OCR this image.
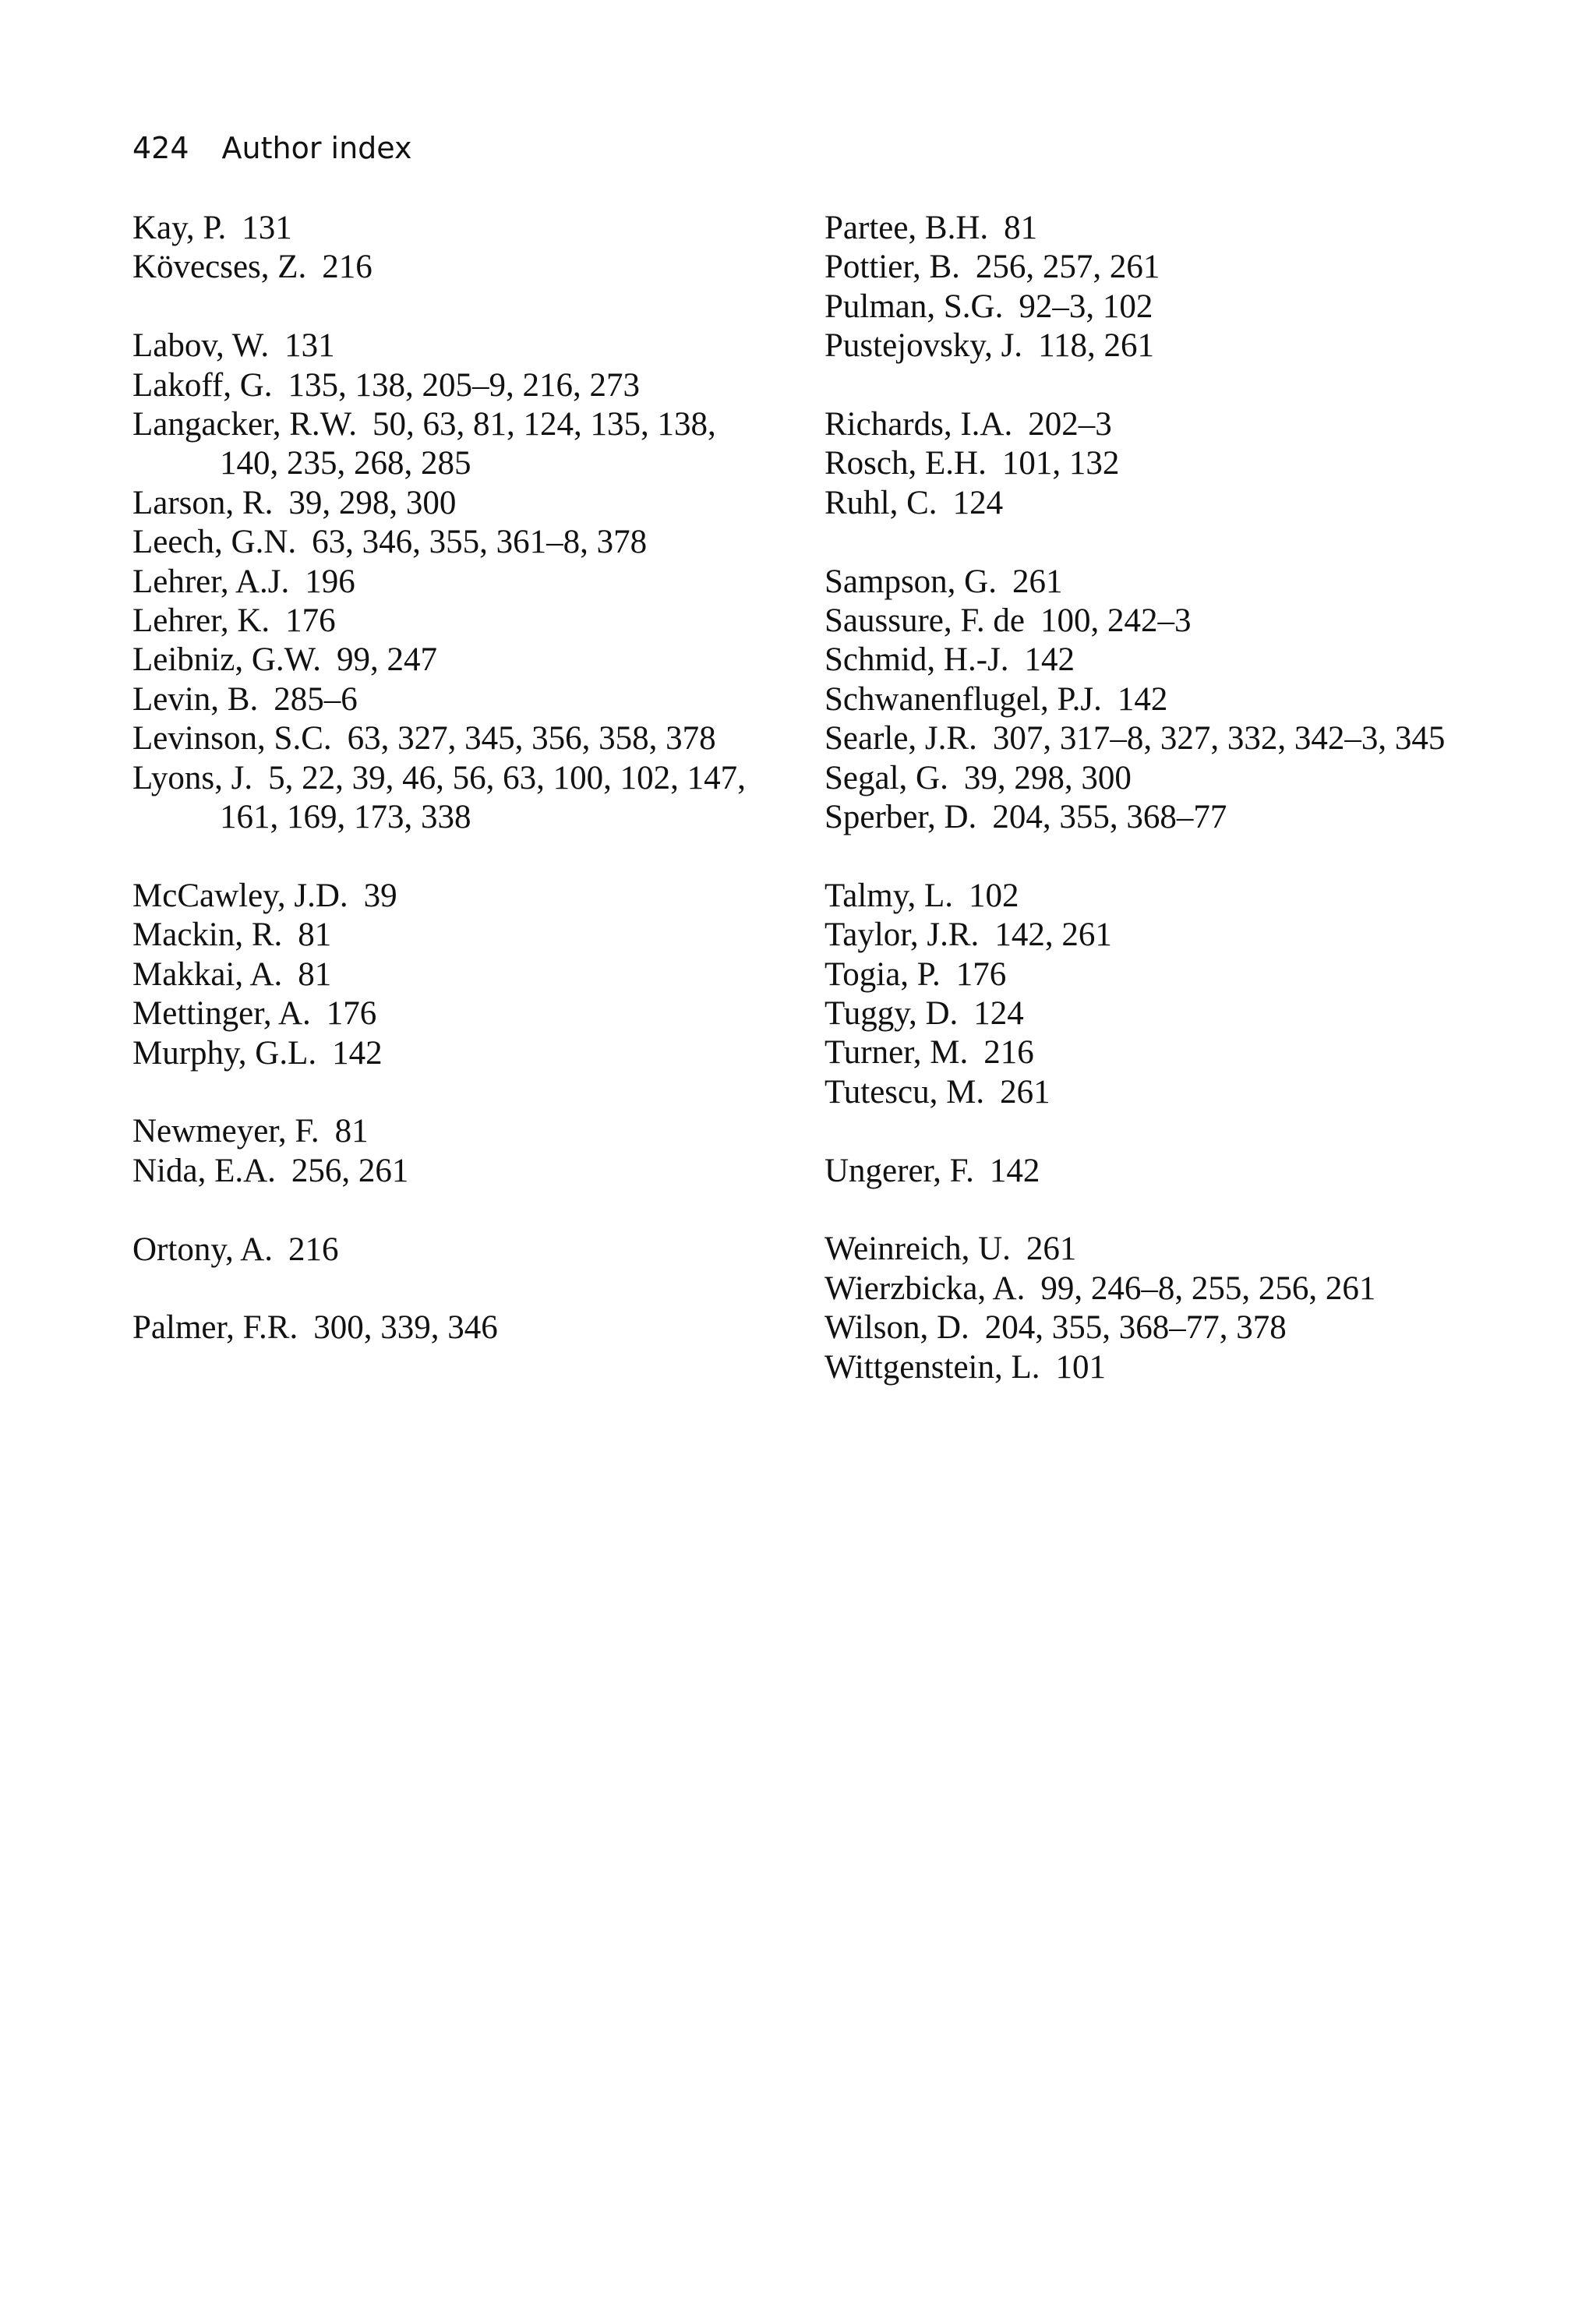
424 Author index
Kay, P. 131
Kövecses, Z. 216
Labov, W. 131
Lakoff, G. 135, 138, 205–9, 216, 273
Langacker, R.W. 50, 63, 81, 124, 135, 138, 140, 235, 268, 285
Larson, R. 39, 298, 300
Leech, G.N. 63, 346, 355, 361–8, 378
Lehrer, A.J. 196
Lehrer, K. 176
Leibniz, G.W. 99, 247
Levin, B. 285–6
Levinson, S.C. 63, 327, 345, 356, 358, 378
Lyons, J. 5, 22, 39, 46, 56, 63, 100, 102, 147, 161, 169, 173, 338
McCawley, J.D. 39
Mackin, R. 81
Makkai, A. 81
Mettinger, A. 176
Murphy, G.L. 142
Newmeyer, F. 81
Nida, E.A. 256, 261
Ortony, A. 216
Palmer, F.R. 300, 339, 346
Partee, B.H. 81
Pottier, B. 256, 257, 261
Pulman, S.G. 92–3, 102
Pustejovsky, J. 118, 261
Richards, I.A. 202–3
Rosch, E.H. 101, 132
Ruhl, C. 124
Sampson, G. 261
Saussure, F. de 100, 242–3
Schmid, H.-J. 142
Schwanenflugel, P.J. 142
Searle, J.R. 307, 317–8, 327, 332, 342–3, 345
Segal, G. 39, 298, 300
Sperber, D. 204, 355, 368–77
Talmy, L. 102
Taylor, J.R. 142, 261
Togia, P. 176
Tuggy, D. 124
Turner, M. 216
Tutescu, M. 261
Ungerer, F. 142
Weinreich, U. 261
Wierzbicka, A. 99, 246–8, 255, 256, 261
Wilson, D. 204, 355, 368–77, 378
Wittgenstein, L. 101
